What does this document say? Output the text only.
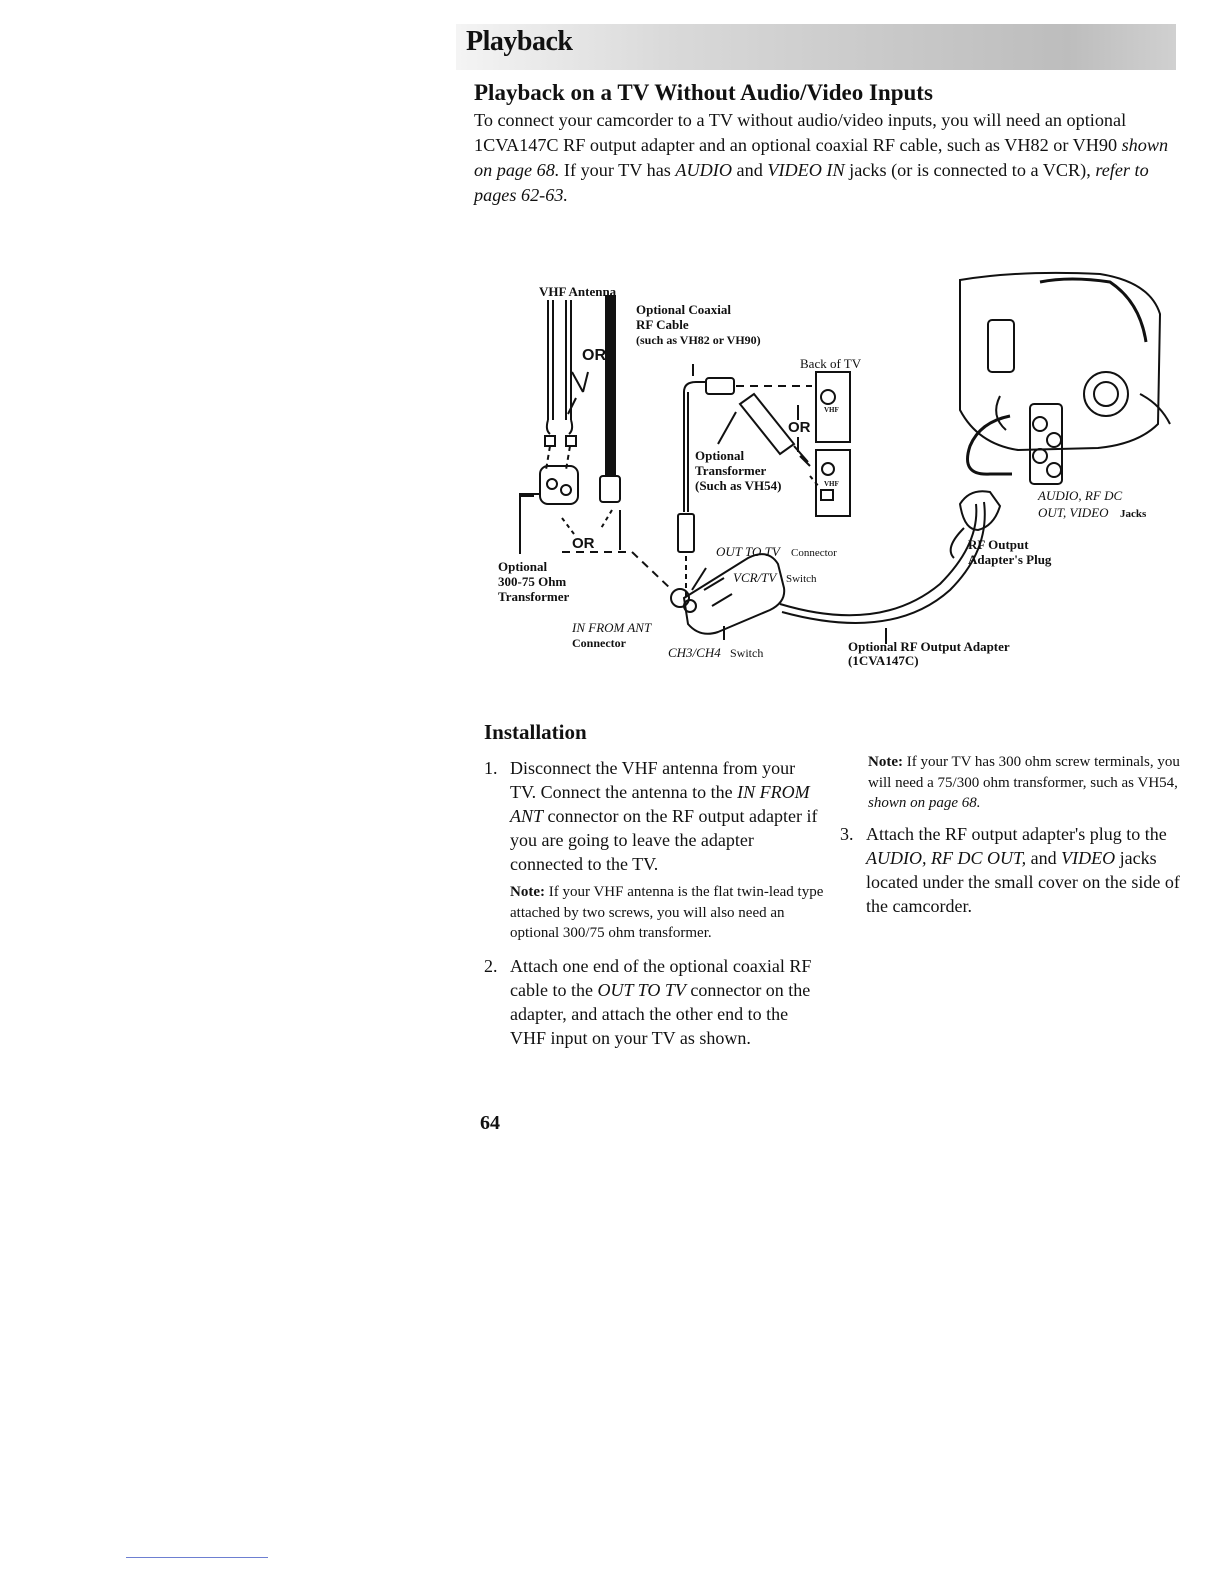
Playback
Playback on a TV Without Audio/Video Inputs
To connect your camcorder to a TV without audio/video inputs, you will need an optional 1CVA147C RF output adapter and an optional coaxial RF cable, such as VH82 or VH90 shown on page 68. If your TV has AUDIO and VIDEO IN jacks (or is connected to a VCR), refer to pages 62-63.
VHF Antenna
OR
Optional Coaxial
RF Cable
(such as VH82 or VH90)
Back of TV
VHF
VHF
OR
Optional
Transformer
(Such as VH54)
OR
Optional
300-75 Ohm
Transformer
OUT TO TV Connector
VCR/TV Switch
IN FROM ANT
Connector
CH3/CH4 Switch	Optional RF Output Adapter
(1CVA147C)
RF Output
Adapter's Plug
AUDIO, RF DC
OUT, VIDEO Jacks
Installation
1. Disconnect the VHF antenna from your TV. Connect the antenna to the IN FROM ANT connector on the RF output adapter if you are going to leave the adapter connected to the TV.
Note: If your VHF antenna is the flat twin-lead type attached by two screws, you will also need an optional 300/75 ohm transformer.
2. Attach one end of the optional coaxial RF cable to the OUT TO TV connector on the adapter, and attach the other end to the VHF input on your TV as shown.
Note: If your TV has 300 ohm screw terminals, you will need a 75/300 ohm transformer, such as VH54, shown on page 68.
3. Attach the RF output adapter's plug to the AUDIO, RF DC OUT, and VIDEO jacks located under the small cover on the side of the camcorder.
64
